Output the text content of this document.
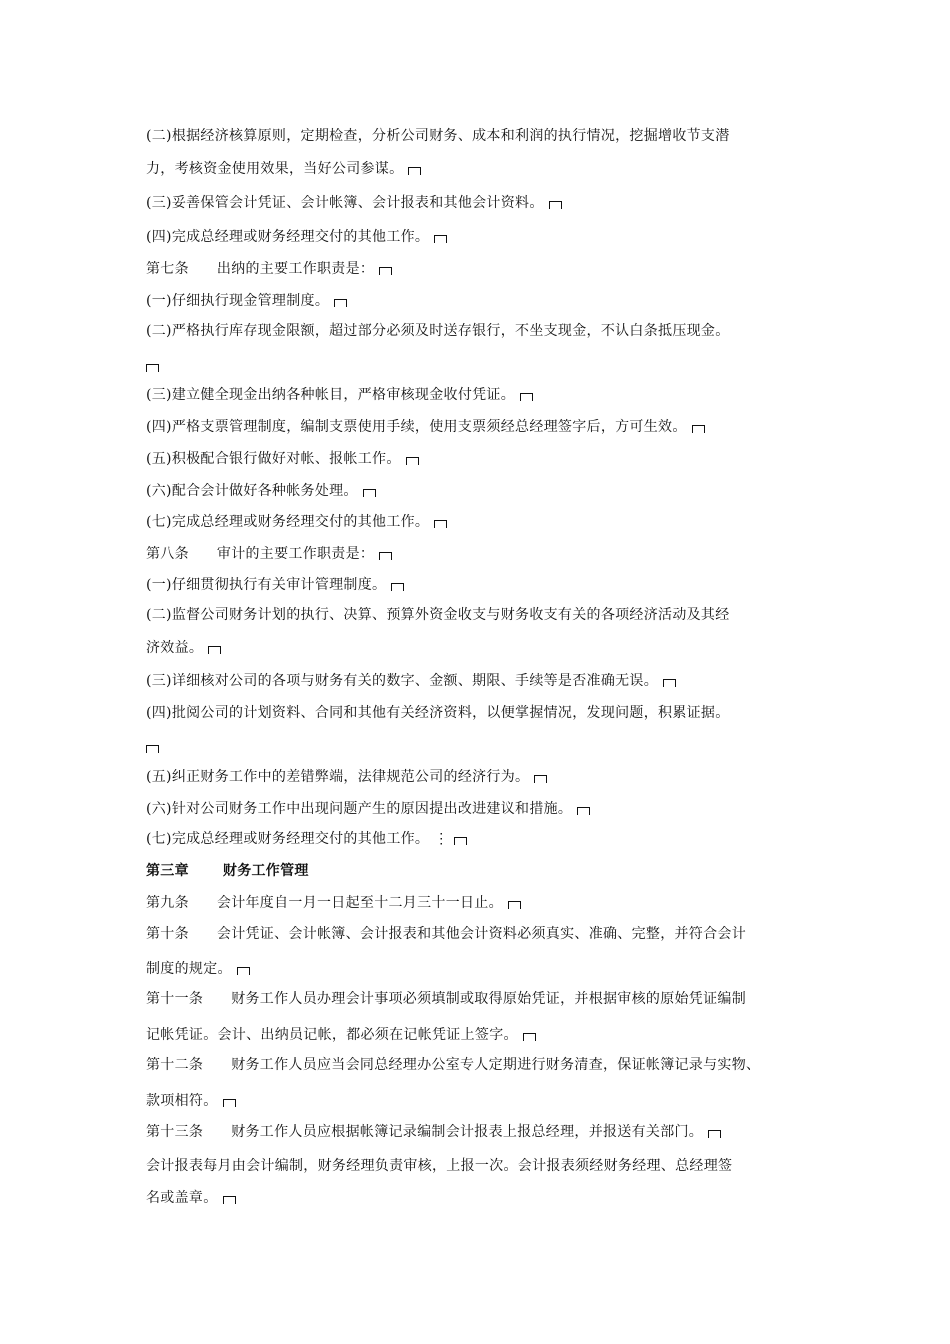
(二)根据经济核算原则，定期检查，分析公司财务、成本和利润的执行情况，挖掘增收节支潜
力，考核资金使用效果，当好公司参谋。
(三)妥善保管会计凭证、会计帐簿、会计报表和其他会计资料。
(四)完成总经理或财务经理交付的其他工作。
第七条 出纳的主要工作职责是：
(一)仔细执行现金管理制度。
(二)严格执行库存现金限额，超过部分必须及时送存银行，不坐支现金，不认白条抵压现金。
(三)建立健全现金出纳各种帐目，严格审核现金收付凭证。
(四)严格支票管理制度，编制支票使用手续，使用支票须经总经理签字后，方可生效。
(五)积极配合银行做好对帐、报帐工作。
(六)配合会计做好各种帐务处理。
(七)完成总经理或财务经理交付的其他工作。
第八条 审计的主要工作职责是：
(一)仔细贯彻执行有关审计管理制度。
(二)监督公司财务计划的执行、决算、预算外资金收支与财务收支有关的各项经济活动及其经
济效益。
(三)详细核对公司的各项与财务有关的数字、金额、期限、手续等是否准确无误。
(四)批阅公司的计划资料、合同和其他有关经济资料，以便掌握情况，发现问题，积累证据。
(五)纠正财务工作中的差错弊端，法律规范公司的经济行为。
(六)针对公司财务工作中出现问题产生的原因提出改进建议和措施。
(七)完成总经理或财务经理交付的其他工作。 ⋮
第三章 财务工作管理
第九条 会计年度自一月一日起至十二月三十一日止。
第十条 会计凭证、会计帐簿、会计报表和其他会计资料必须真实、准确、完整，并符合会计
制度的规定。
第十一条 财务工作人员办理会计事项必须填制或取得原始凭证，并根据审核的原始凭证编制
记帐凭证。会计、出纳员记帐，都必须在记帐凭证上签字。
第十二条 财务工作人员应当会同总经理办公室专人定期进行财务清查，保证帐簿记录与实物、
款项相符。
第十三条 财务工作人员应根据帐簿记录编制会计报表上报总经理，并报送有关部门。
会计报表每月由会计编制，财务经理负责审核，上报一次。会计报表须经财务经理、总经理签
名或盖章。
